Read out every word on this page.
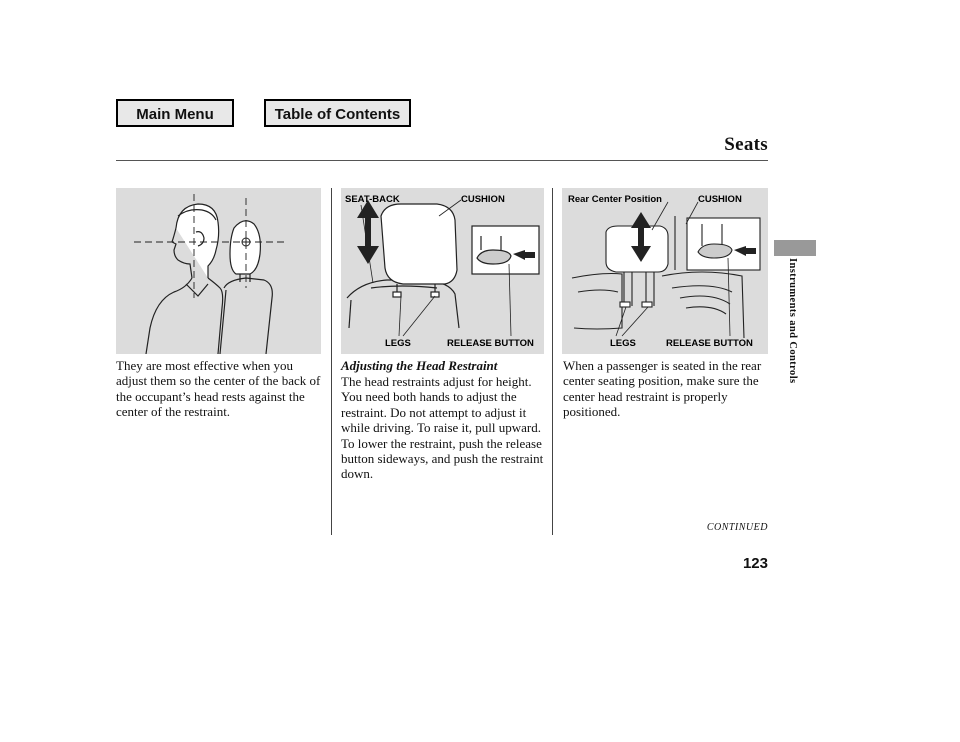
Main Menu	Table of Contents
Seats
SEAT-BACK	CUSHION
LEGS	RELEASE BUTTON
Rear Center Position	CUSHION
LEGS	RELEASE BUTTON

They are most effective when you adjust them so the center of the back of the occupant’s head rests against the center of the restraint.

Adjusting the Head Restraint

The head restraints adjust for height. You need both hands to adjust the restraint. Do not attempt to adjust it while driving. To raise it, pull upward. To lower the restraint, push the release button sideways, and push the restraint down.

When a passenger is seated in the rear center seating position, make sure the center head restraint is properly positioned.

CONTINUED
123
Instruments and Controls
